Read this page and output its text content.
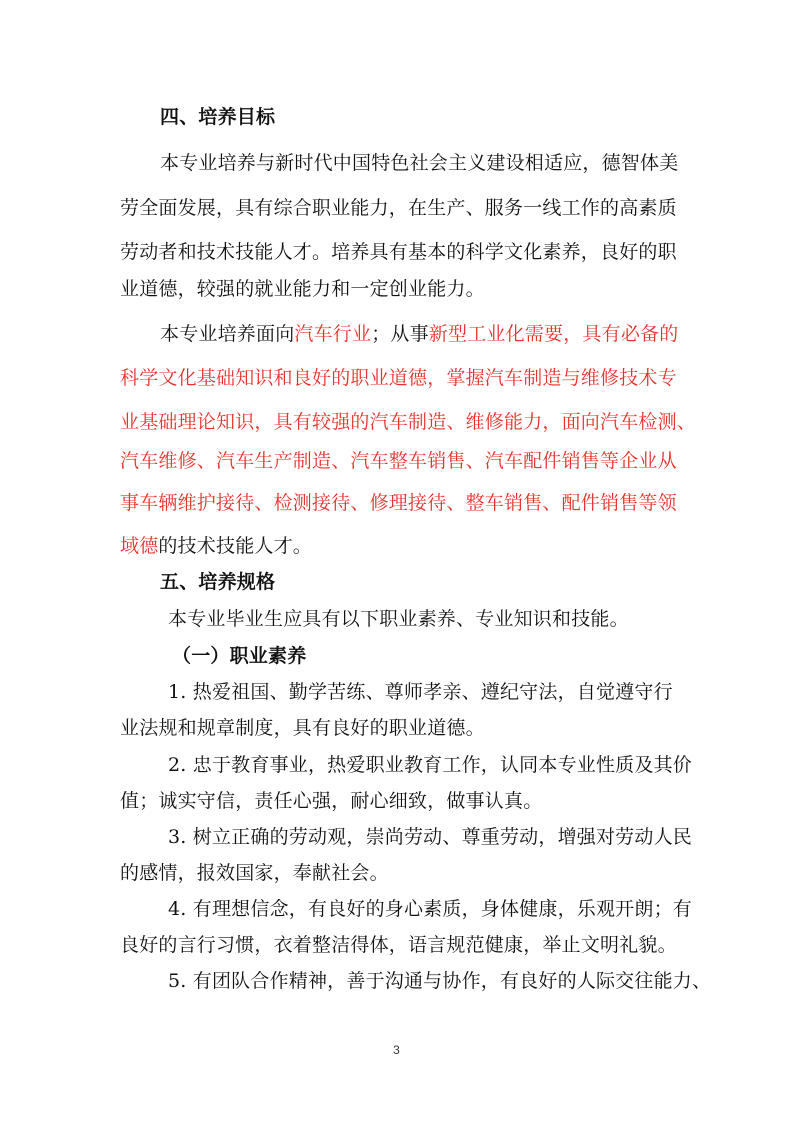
四、培养目标
本专业培养与新时代中国特色社会主义建设相适应，德智体美
劳全面发展，具有综合职业能力，在生产、服务一线工作的高素质
劳动者和技术技能人才。培养具有基本的科学文化素养，良好的职
业道德，较强的就业能力和一定创业能力。
本专业培养面向汽车行业；从事新型工业化需要，具有必备的
科学文化基础知识和良好的职业道德，掌握汽车制造与维修技术专
业基础理论知识，具有较强的汽车制造、维修能力，面向汽车检测、
汽车维修、汽车生产制造、汽车整车销售、汽车配件销售等企业从
事车辆维护接待、检测接待、修理接待、整车销售、配件销售等领
域德的技术技能人才。
五、培养规格
本专业毕业生应具有以下职业素养、专业知识和技能。
（一）职业素养
1. 热爱祖国、勤学苦练、尊师孝亲、遵纪守法，自觉遵守行
业法规和规章制度，具有良好的职业道德。
2. 忠于教育事业，热爱职业教育工作，认同本专业性质及其价
值；诚实守信，责任心强，耐心细致，做事认真。
3. 树立正确的劳动观，崇尚劳动、尊重劳动，增强对劳动人民
的感情，报效国家，奉献社会。
4. 有理想信念，有良好的身心素质，身体健康，乐观开朗；有
良好的言行习惯，衣着整洁得体，语言规范健康，举止文明礼貌。
5. 有团队合作精神，善于沟通与协作，有良好的人际交往能力、
3
